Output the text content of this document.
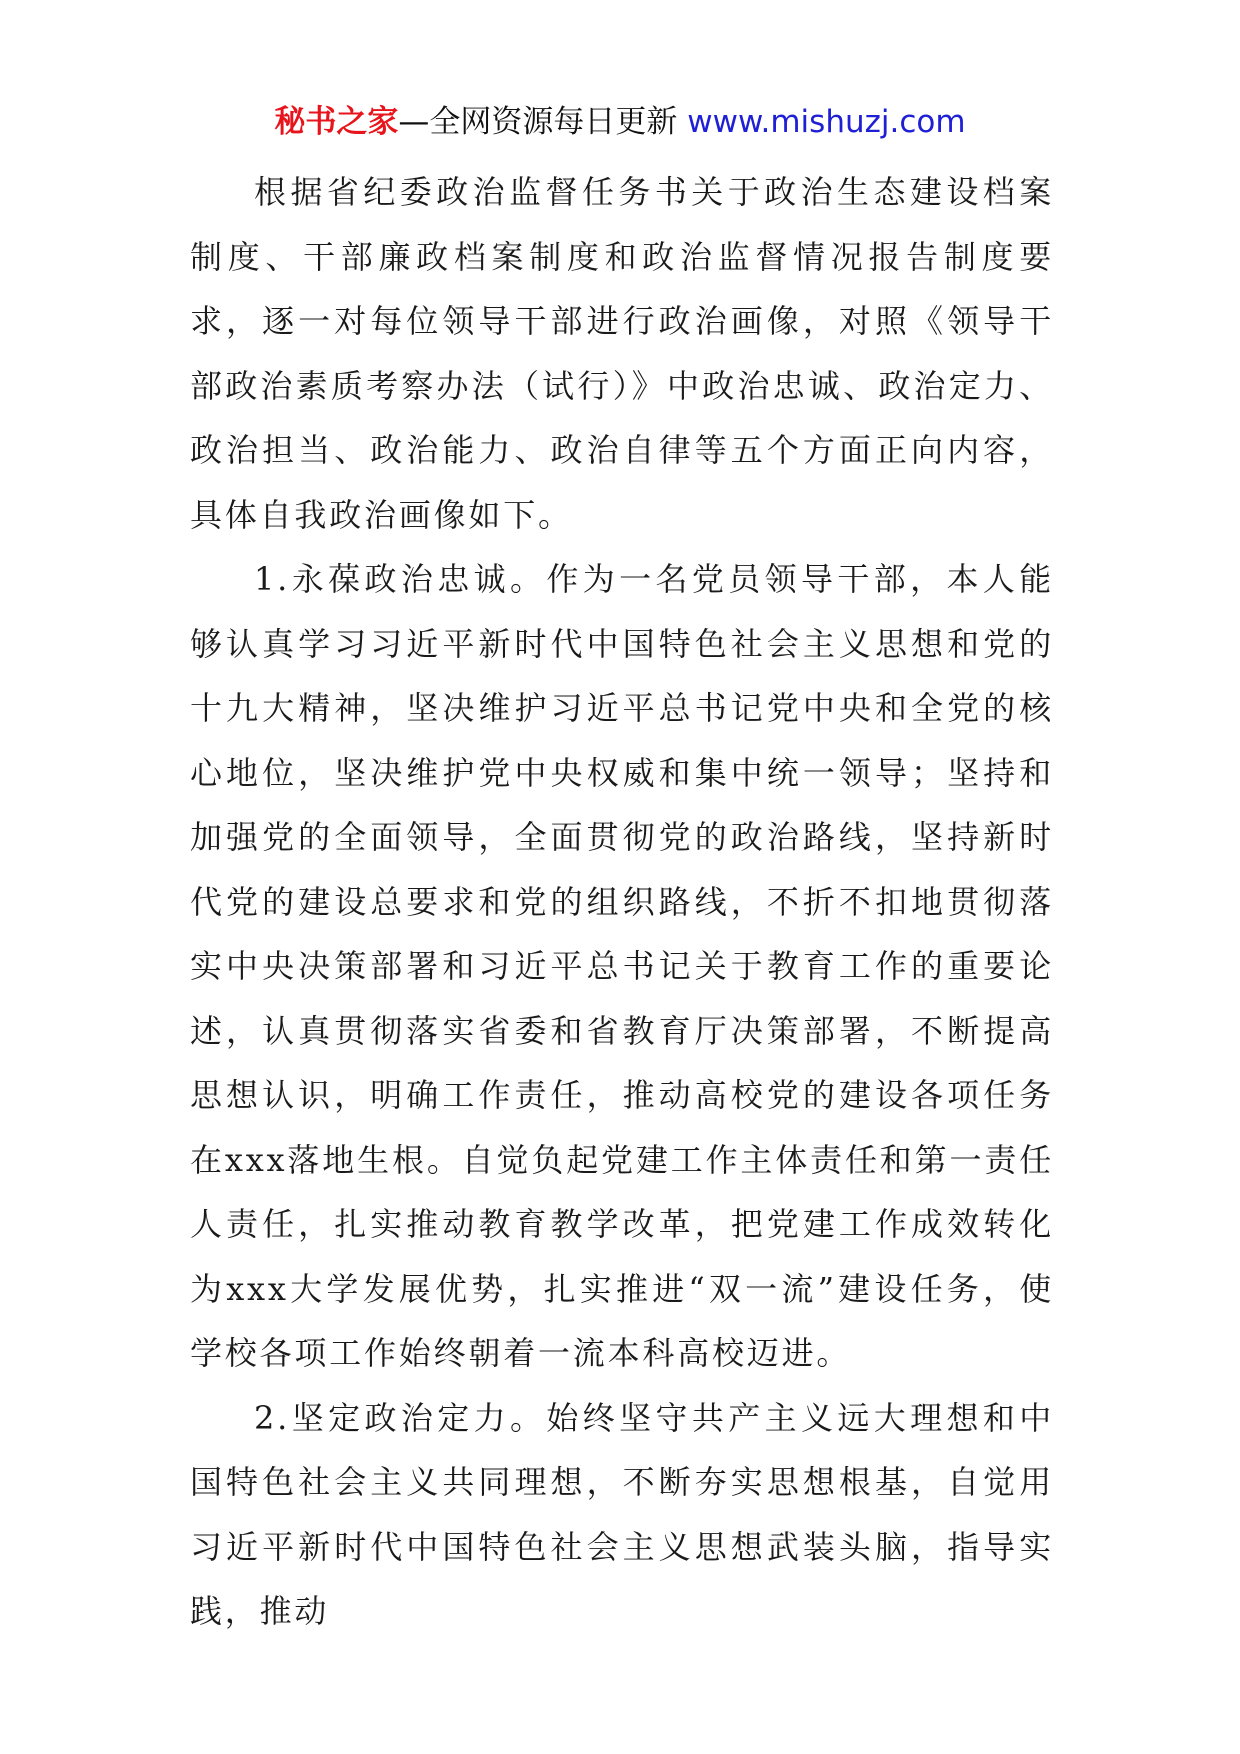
秘书之家—全网资源每日更新 www.mishuzj.com

根据省纪委政治监督任务书关于政治生态建设档案制度、干部廉政档案制度和政治监督情况报告制度要求，逐一对每位领导干部进行政治画像，对照《领导干部政治素质考察办法（试行）》中政治忠诚、政治定力、政治担当、政治能力、政治自律等五个方面正向内容，具体自我政治画像如下。

1.永葆政治忠诚。作为一名党员领导干部，本人能够认真学习习近平新时代中国特色社会主义思想和党的十九大精神，坚决维护习近平总书记党中央和全党的核心地位，坚决维护党中央权威和集中统一领导；坚持和加强党的全面领导，全面贯彻党的政治路线，坚持新时代党的建设总要求和党的组织路线，不折不扣地贯彻落实中央决策部署和习近平总书记关于教育工作的重要论述，认真贯彻落实省委和省教育厅决策部署，不断提高思想认识，明确工作责任，推动高校党的建设各项任务在xxx落地生根。自觉负起党建工作主体责任和第一责任人责任，扎实推动教育教学改革，把党建工作成效转化为xxx大学发展优势，扎实推进“双一流”建设任务，使学校各项工作始终朝着一流本科高校迈进。

2.坚定政治定力。始终坚守共产主义远大理想和中国特色社会主义共同理想，不断夯实思想根基，自觉用习近平新时代中国特色社会主义思想武装头脑，指导实践，推动
